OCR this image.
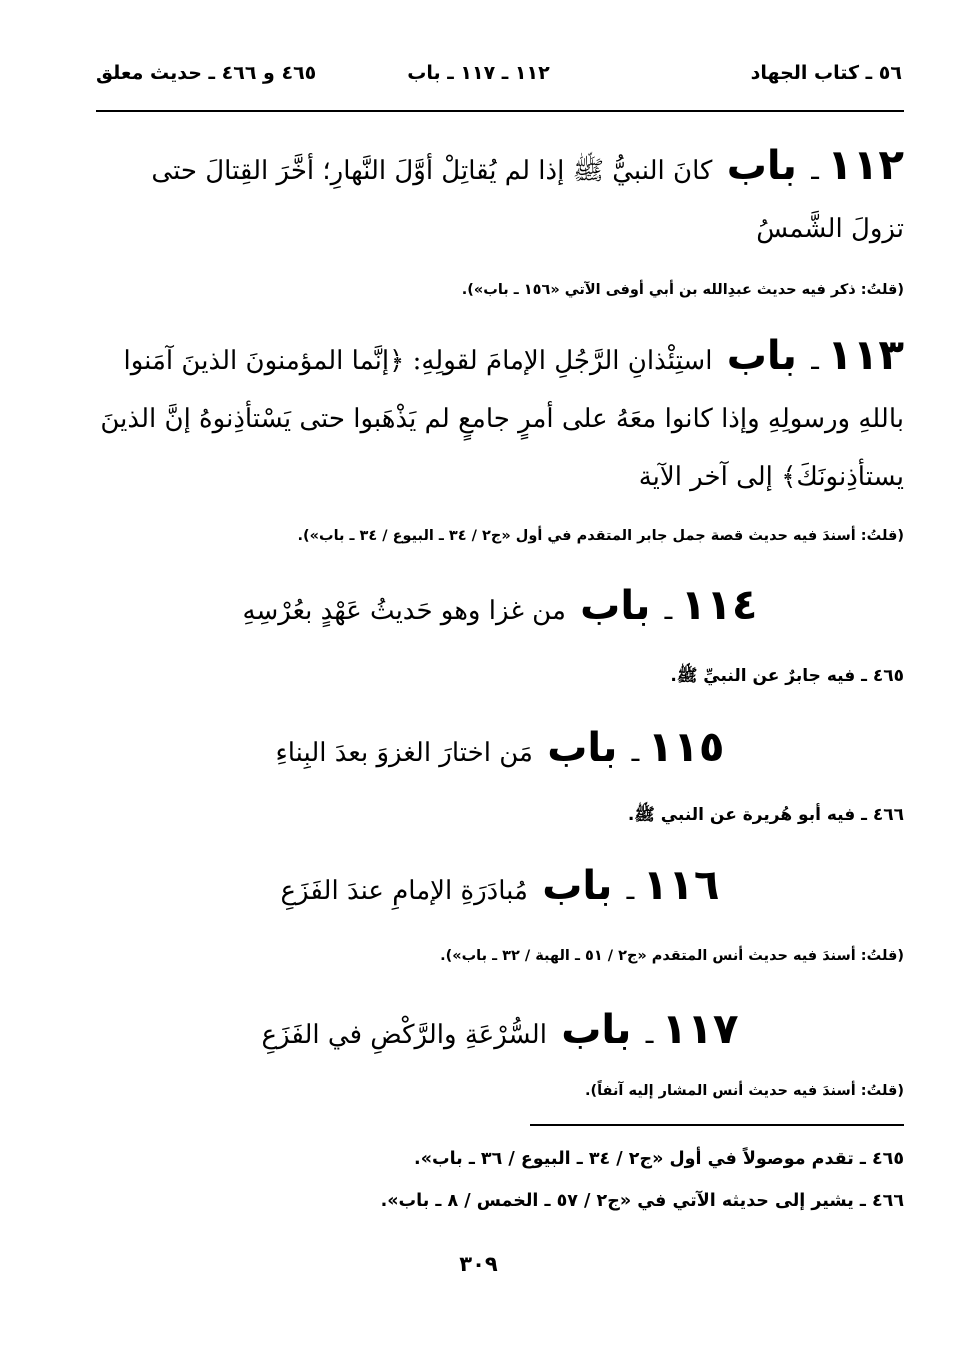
٥٦ ـ كتاب الجهاد
١١٢ ـ ١١٧ ـ باب
٤٦٥ و ٤٦٦ ـ حديث معلق
١١٢ ـ باب كانَ النبيُّ ﷺ إذا لم يُقاتِلْ أوَّلَ النَّهارِ؛ أخَّرَ القِتالَ حتى تزولَ الشَّمسُ
(قلتُ: ذكر فيه حديث عبدِالله بن أبي أوفى الآتي «١٥٦ ـ باب»).
١١٣ ـ باب استِئْذانِ الرَّجُلِ الإمامَ لقولِهِ: ﴿إنَّما المؤمنونَ الذينَ آمَنوا باللهِ ورسولِهِ وإذا كانوا معَهُ على أمرٍ جامعٍ لم يَذْهَبوا حتى يَسْتأذِنوهُ إنَّ الذينَ يستأذِنونَكَ﴾ إلى آخر الآية
(قلتُ: أسندَ فيه حديث قصة جمل جابر المتقدم في أول «ج٢ / ٣٤ ـ البيوع / ٣٤ ـ باب»).
١١٤ ـ باب من غزا وهو حَديثُ عَهْدٍ بعُرْسِهِ
٤٦٥ ـ فيه جابرٌ عن النبيِّ ﷺ.
١١٥ ـ باب مَن اختارَ الغزوَ بعدَ البِناءِ
٤٦٦ ـ فيه أبو هُريرة عن النبي ﷺ.
١١٦ ـ باب مُبادَرَةِ الإمامِ عندَ الفَزَعِ
(قلتُ: أسندَ فيه حديث أنس المتقدم «ج٢ / ٥١ ـ الهبة / ٣٢ ـ باب»).
١١٧ ـ باب السُّرْعَةِ والرَّكْضِ في الفَزَعِ
(قلتُ: أسندَ فيه حديث أنس المشار إليه آنفاً).
٤٦٥ ـ تقدم موصولاً في أول «ج٢ / ٣٤ ـ البيوع / ٣٦ ـ باب».
٤٦٦ ـ يشير إلى حديثه الآتي في «ج٢ / ٥٧ ـ الخمس / ٨ ـ باب».
٣٠٩
